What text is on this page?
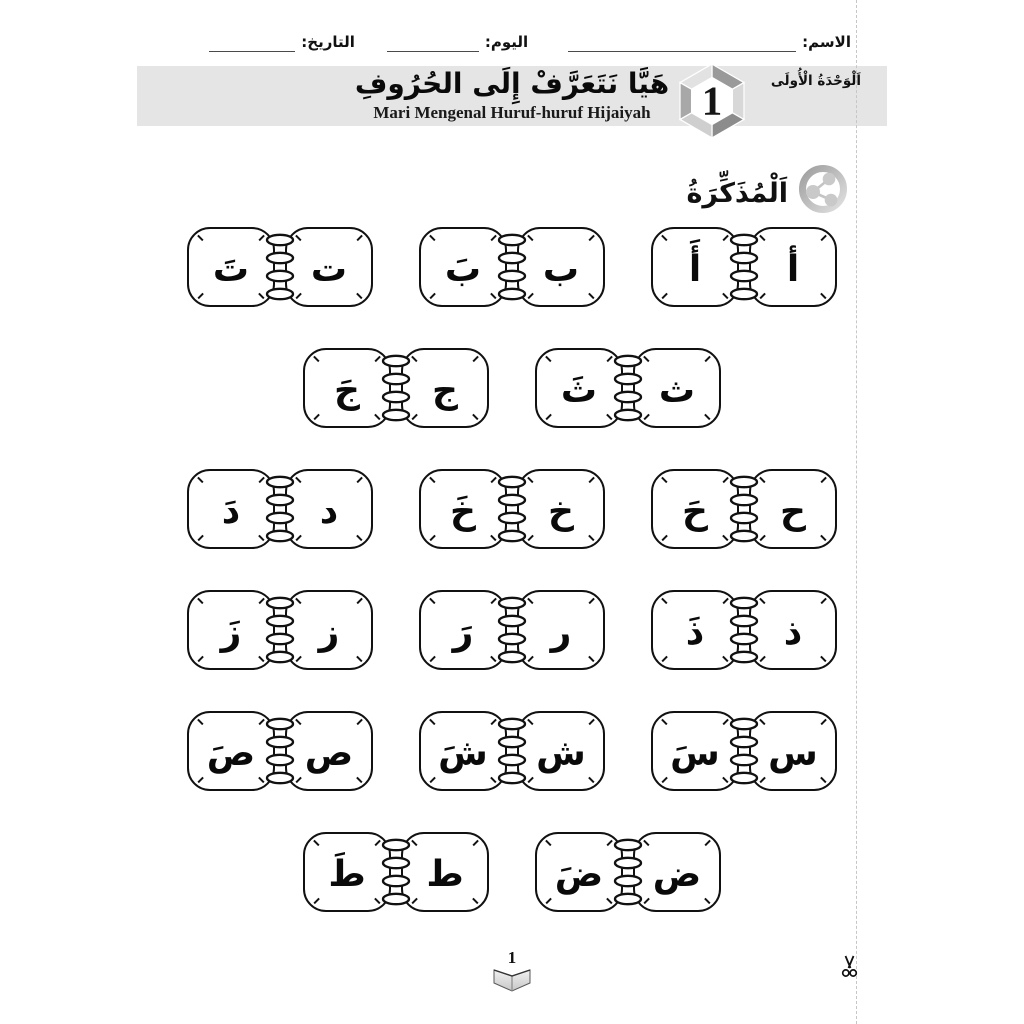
الاسم:
اليوم:
التاريخ:
هَيَّا نَتَعَرَّفْ إِلَى الحُرُوفِ
Mari Mengenal Huruf-huruf Hijaiyah
اَلْوَحْدَةُ الْأُولَى
1
اَلْمُذَكِّرَةُ
أ
أَ
ب
بَ
ت
تَ
ث
ثَ
ج
جَ
ح
حَ
خ
خَ
د
دَ
ذ
ذَ
ر
رَ
ز
زَ
س
سَ
ش
شَ
ص
صَ
ض
ضَ
ط
طَ
1
